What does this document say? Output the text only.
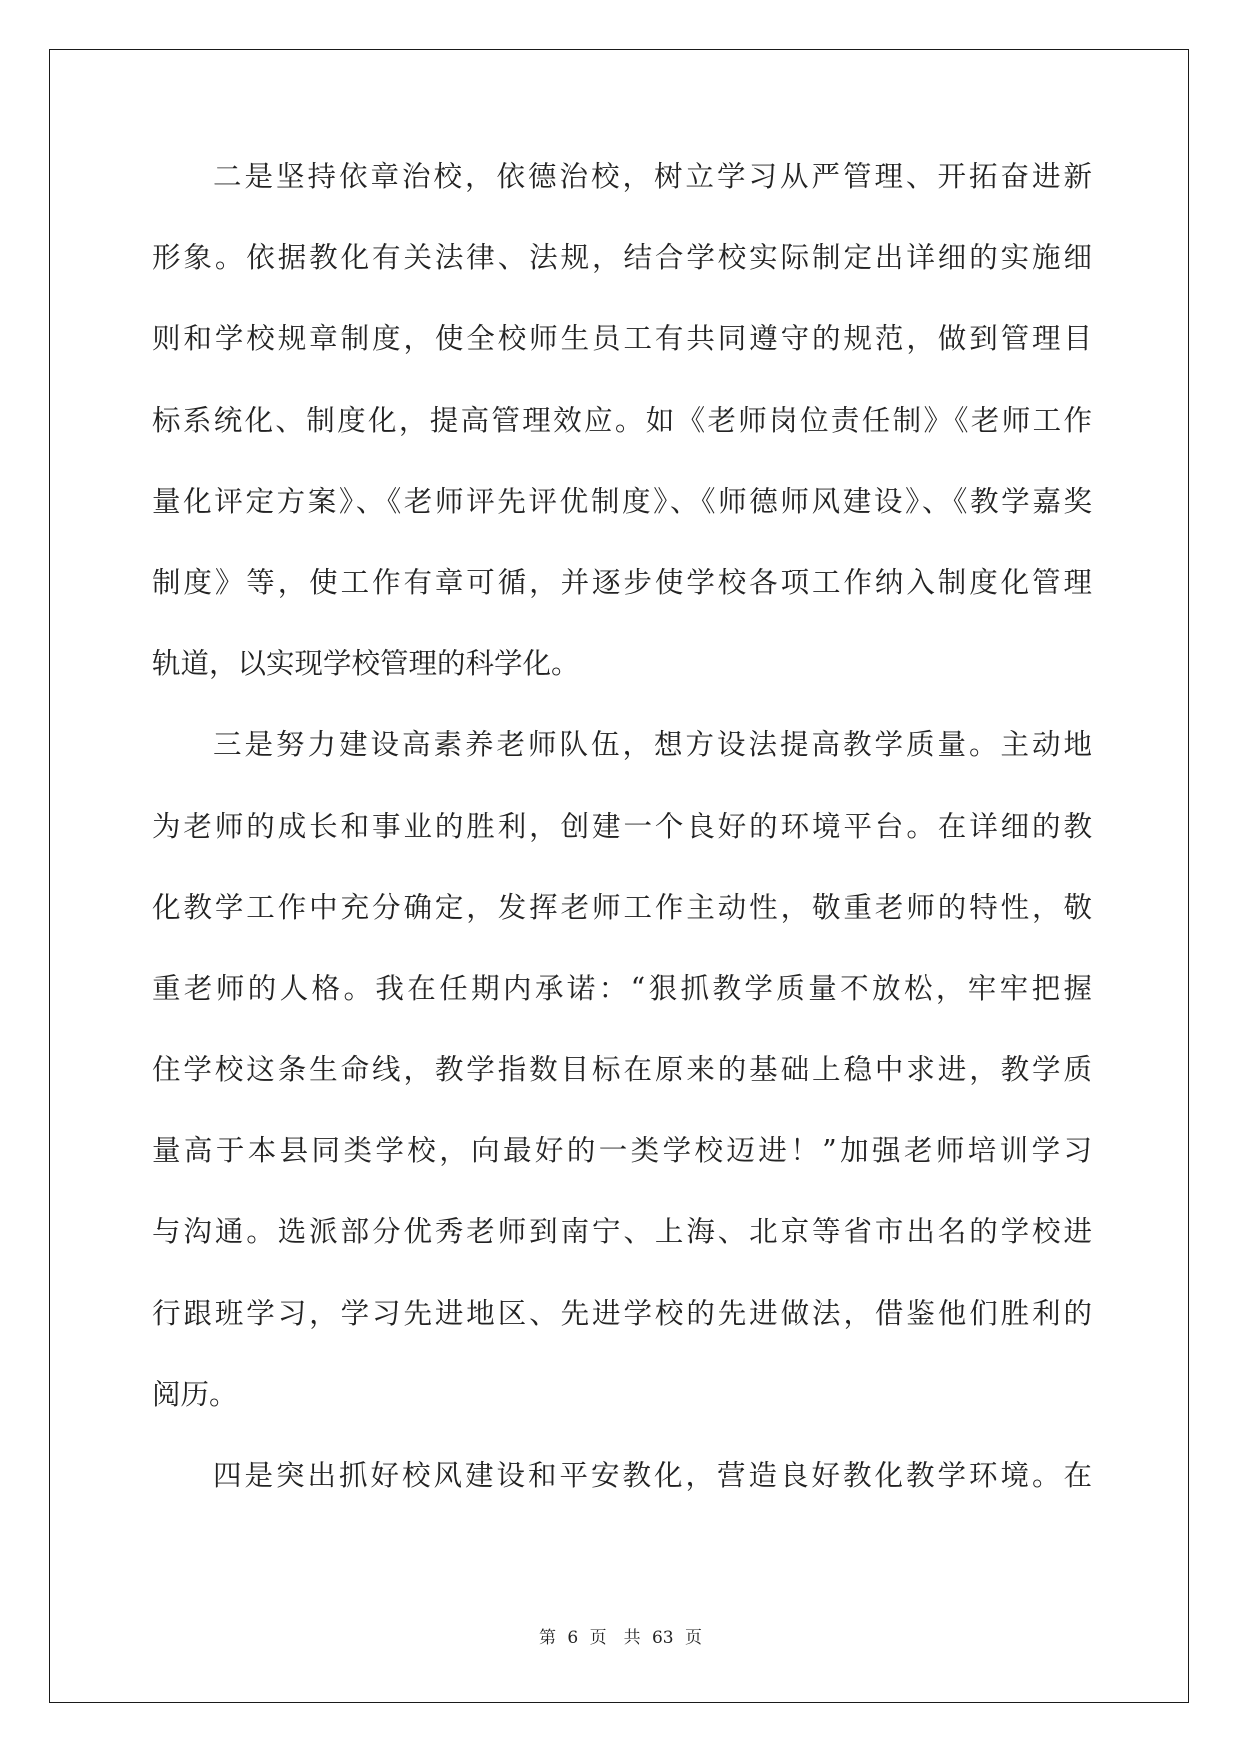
二是坚持依章治校，依德治校，树立学习从严管理、开拓奋进新
形象。依据教化有关法律、法规，结合学校实际制定出详细的实施细
则和学校规章制度，使全校师生员工有共同遵守的规范，做到管理目
标系统化、制度化，提高管理效应。如《老师岗位责任制》《老师工作
量化评定方案》、《老师评先评优制度》、《师德师风建设》、《教学嘉奖
制度》等，使工作有章可循，并逐步使学校各项工作纳入制度化管理
轨道，以实现学校管理的科学化。
三是努力建设高素养老师队伍，想方设法提高教学质量。主动地
为老师的成长和事业的胜利，创建一个良好的环境平台。在详细的教
化教学工作中充分确定，发挥老师工作主动性，敬重老师的特性，敬
重老师的人格。我在任期内承诺：“狠抓教学质量不放松，牢牢把握
住学校这条生命线，教学指数目标在原来的基础上稳中求进，教学质
量高于本县同类学校，向最好的一类学校迈进！”加强老师培训学习
与沟通。选派部分优秀老师到南宁、上海、北京等省市出名的学校进
行跟班学习，学习先进地区、先进学校的先进做法，借鉴他们胜利的
阅历。
四是突出抓好校风建设和平安教化，营造良好教化教学环境。在
第 6 页　共 63 页
